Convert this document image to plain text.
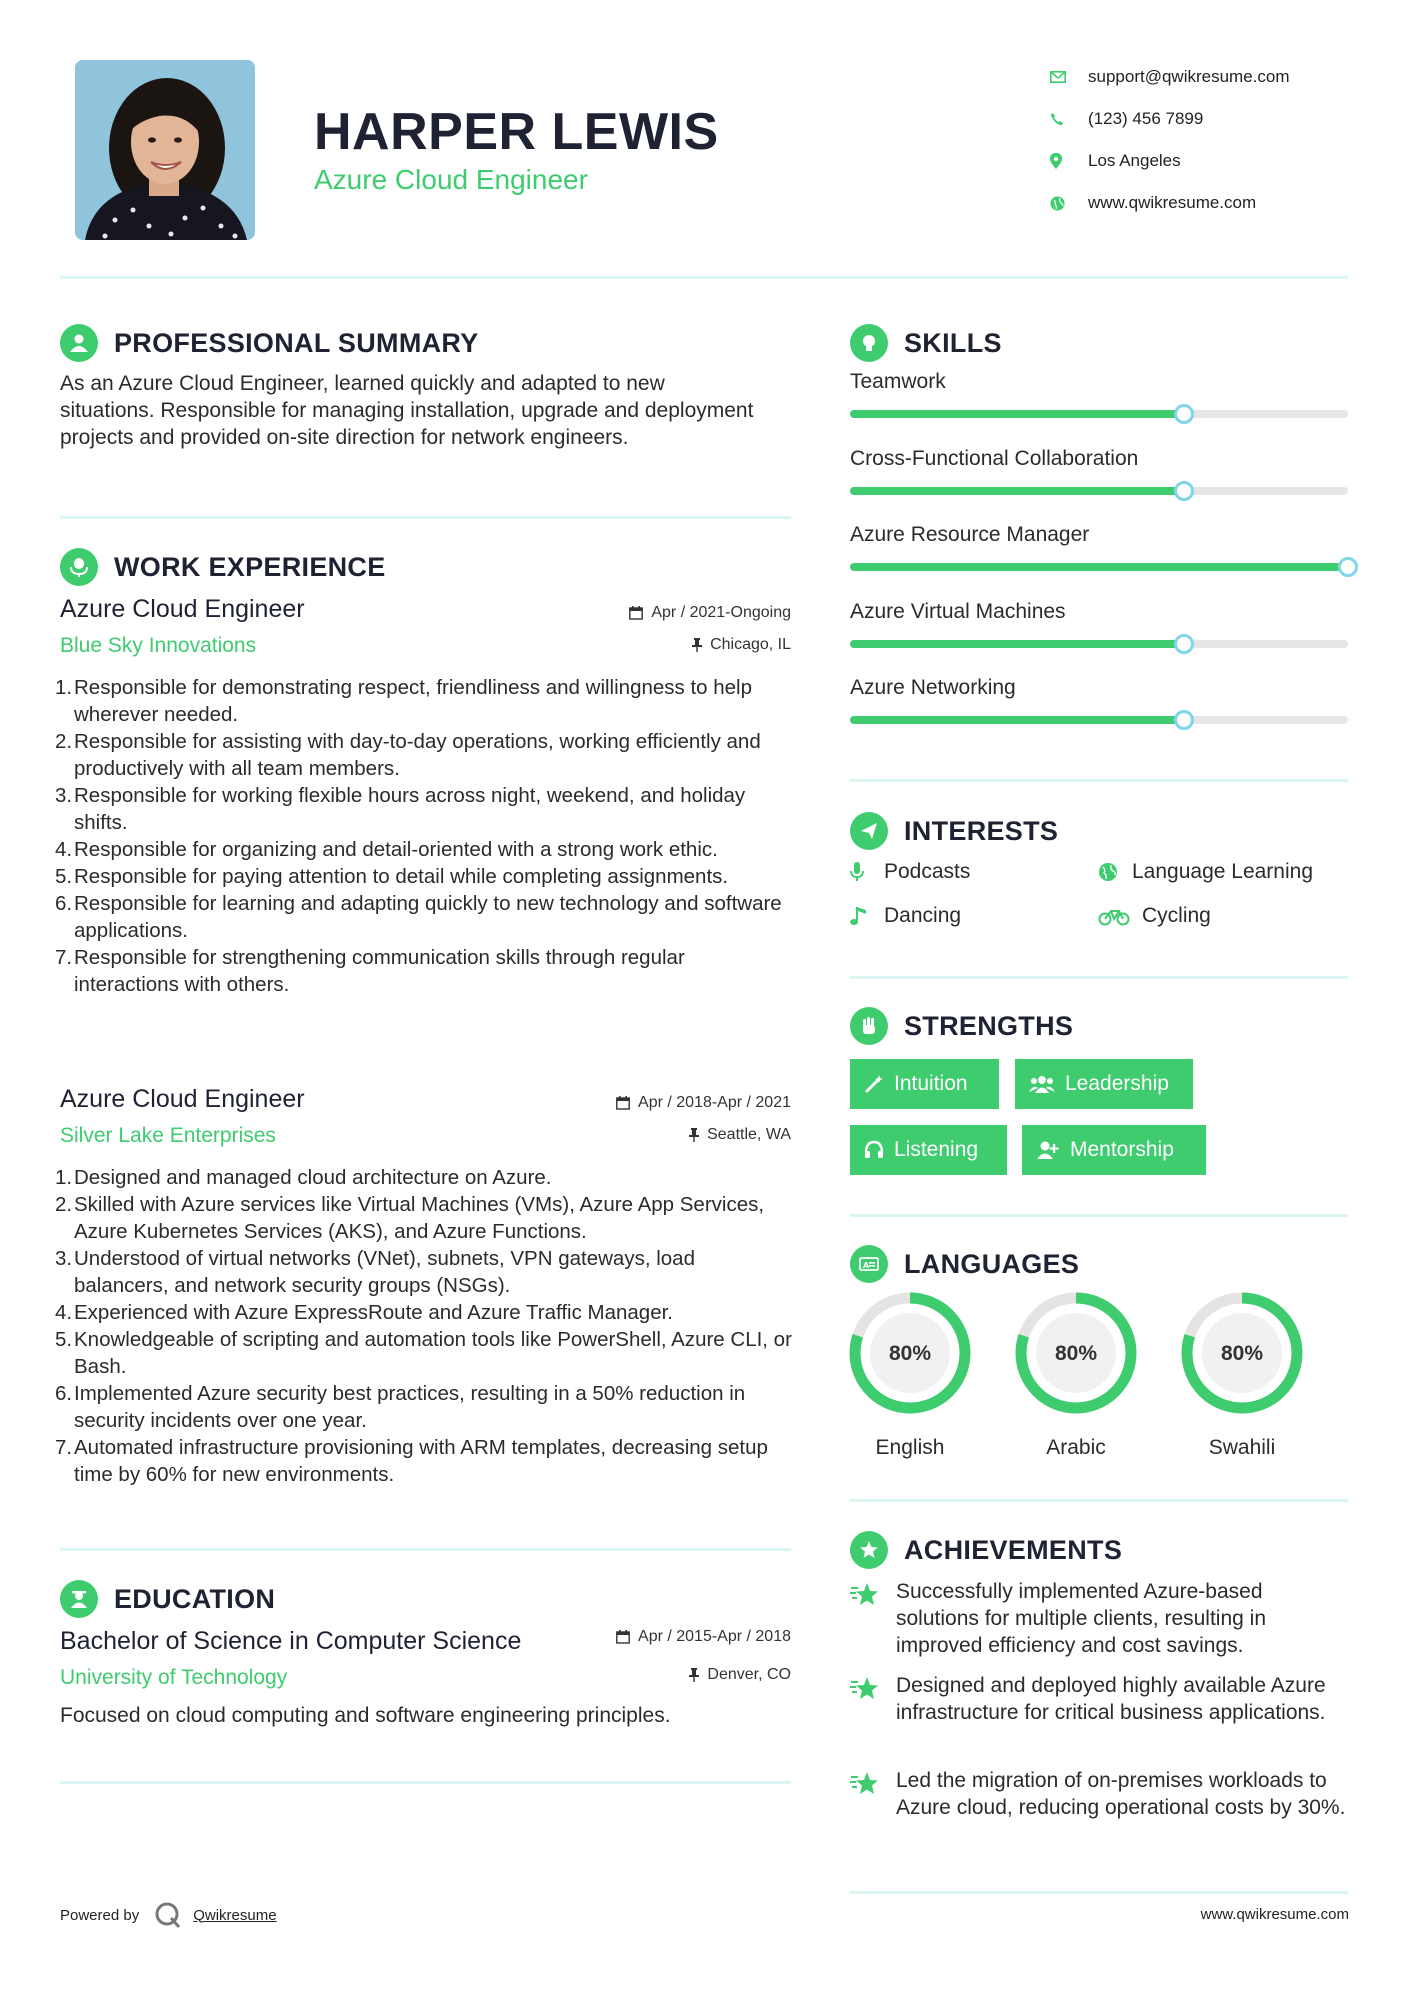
HARPER LEWIS
Azure Cloud Engineer
support@qwikresume.com
(123) 456 7899
Los Angeles
www.qwikresume.com
PROFESSIONAL SUMMARY
As an Azure Cloud Engineer, learned quickly and adapted to new situations. Responsible for managing installation, upgrade and deployment projects and provided on-site direction for network engineers.
WORK EXPERIENCE
Azure Cloud Engineer
Blue Sky Innovations
Apr / 2021-Ongoing
Chicago, IL
1. Responsible for demonstrating respect, friendliness and willingness to help wherever needed.
2. Responsible for assisting with day-to-day operations, working efficiently and productively with all team members.
3. Responsible for working flexible hours across night, weekend, and holiday shifts.
4. Responsible for organizing and detail-oriented with a strong work ethic.
5. Responsible for paying attention to detail while completing assignments.
6. Responsible for learning and adapting quickly to new technology and software applications.
7. Responsible for strengthening communication skills through regular interactions with others.
Azure Cloud Engineer
Silver Lake Enterprises
Apr / 2018-Apr / 2021
Seattle, WA
1. Designed and managed cloud architecture on Azure.
2. Skilled with Azure services like Virtual Machines (VMs), Azure App Services, Azure Kubernetes Services (AKS), and Azure Functions.
3. Understood of virtual networks (VNet), subnets, VPN gateways, load balancers, and network security groups (NSGs).
4. Experienced with Azure ExpressRoute and Azure Traffic Manager.
5. Knowledgeable of scripting and automation tools like PowerShell, Azure CLI, or Bash.
6. Implemented Azure security best practices, resulting in a 50% reduction in security incidents over one year.
7. Automated infrastructure provisioning with ARM templates, decreasing setup time by 60% for new environments.
EDUCATION
Bachelor of Science in Computer Science
University of Technology
Apr / 2015-Apr / 2018
Denver, CO
Focused on cloud computing and software engineering principles.
SKILLS
Teamwork
Cross-Functional Collaboration
Azure Resource Manager
Azure Virtual Machines
Azure Networking
INTERESTS
Podcasts	Language Learning
Dancing	Cycling
STRENGTHS
Intuition	Leadership
Listening	Mentorship
A LANGUAGES
80%
English
80%
Arabic
80%
Swahili
ACHIEVEMENTS
Successfully implemented Azure-based solutions for multiple clients, resulting in improved efficiency and cost savings.
Designed and deployed highly available Azure infrastructure for critical business applications.
Led the migration of on-premises workloads to Azure cloud, reducing operational costs by 30%.
Powered by	Qwikresume	www.qwikresume.com
